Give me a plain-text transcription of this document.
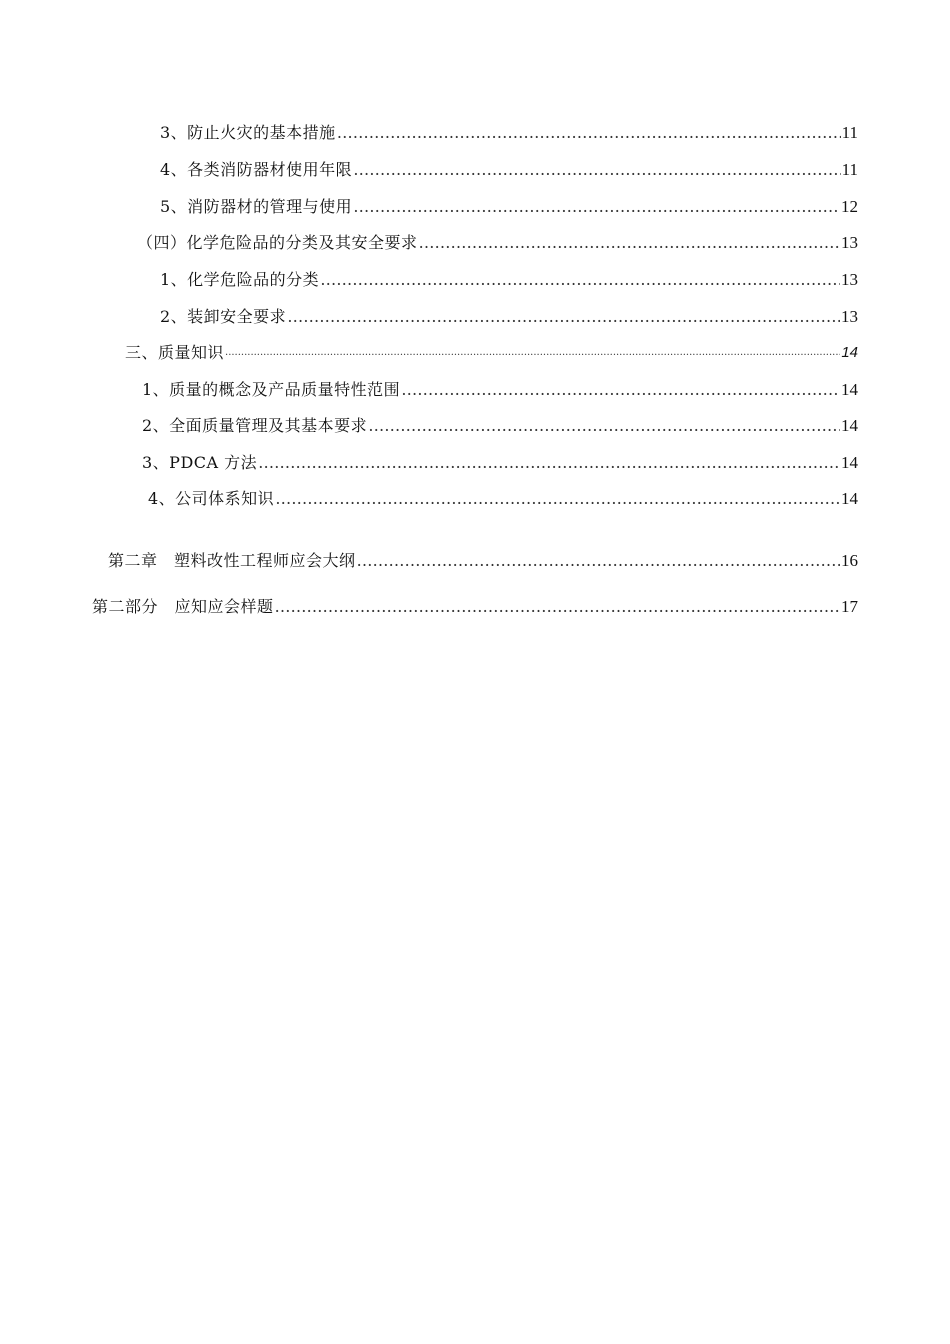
3、防止火灾的基本措施 ……………………………………………………………………………………………………………………………………………………………………………………………………………………………	11
4、各类消防器材使用年限 ……………………………………………………………………………………………………………………………………………………………………………………………………………………………	11
5、消防器材的管理与使用 ……………………………………………………………………………………………………………………………………………………………………………………………………………………………	12
（四）化学危险品的分类及其安全要求 ……………………………………………………………………………………………………………………………………………………………………………………………………………………………	13
1、化学危险品的分类 ……………………………………………………………………………………………………………………………………………………………………………………………………………………………	13
2、装卸安全要求 ……………………………………………………………………………………………………………………………………………………………………………………………………………………………	13
三、质量知识 .....	14
1、质量的概念及产品质量特性范围 ……………………………………………………………………………………………………………………………………………………………………………………………………………………………	14
2、全面质量管理及其基本要求 ……………………………………………………………………………………………………………………………………………………………………………………………………………………………	14
3、PDCA 方法 ……………………………………………………………………………………………………………………………………………………………………………………………………………………………	14
4、公司体系知识 ……………………………………………………………………………………………………………………………………………………………………………………………………………………………	14
第二章　塑料改性工程师应会大纲 ……………………………………………………………………………………………………………………………………………………………………………………………………………………………	16
第二部分　应知应会样题 ……………………………………………………………………………………………………………………………………………………………………………………………………………………………	17
